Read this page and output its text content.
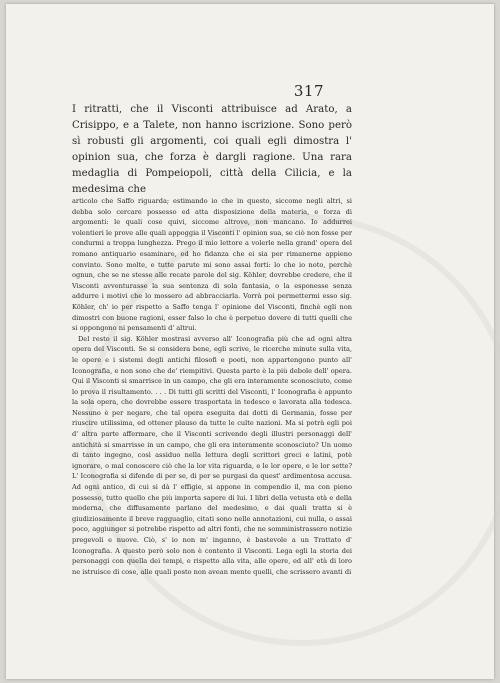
317

I ritratti, che il Visconti attribuisce ad Arato, a Crisippo, e a Talete, non hanno iscrizione. Sono però sì robusti gli argomenti, coi quali egli dimostra l' opinion sua, che forza è dargli ragione. Una rara medaglia di Pompeiopoli, città della Cilicia, e la medesima che

articolo che Saffo riguarda; estimando io che in questo, siccome negli altri, si debba solo cercare possesso ed atta disposizione della materia, e forza di argomenti: le quali cose quivi, siccome altrove, non mancano. Io addurrei volentieri le prove alle quali appoggia il Visconti l' opinion sua, se ciò non fosse per condurmi a troppa lunghezza. Prego il mio lettore a volerle nella grand' opera del romano antiquario esaminare, ed ho fidanza che ei sia per rimanerne appieno convinto. Sono molte, e tutte parute mi sono assai forti: lo che io noto, perchè ognun, che se ne stesse alle recate parole del sig. Köhler, dovrebbe credere, che il Visconti avventurasse la sua sentenza di sola fantasia, o la esponesse senza addurre i motivi che lo mossero ad abbracciarla. Vorrà poi permettermi esso sig. Köhler, ch' io per rispetto a Saffo tenga l' opinione del Visconti, finchè egli non dimostri con buone ragioni, esser falso lo che è perpetuo dovere di tutti quelli che si oppongono ni pensamenti d' altrui.

Del resto il sig. Köhler mostrasi avverso all' Iconografia più che ad ogni altra opera del Visconti. Se si considera bene, egli scrive, le ricerche minute sulla vita, le opere e i sistemi degli antichi filosofi e poeti, non appartengono punto all' Iconografia, e non sono che de' riempitivi. Questa parte è la più debole dell' opera. Qui il Visconti si smarrisce in un campo, che gli era interamente sconosciuto, come lo prova il risultamento. . . . Di tutti gli scritti del Visconti, l' Iconografia è appunto la sola opera, che dovrebbe essere trasportata in tedesco e lavorata alla tedesca. Nessuno è per negare, che tal opera eseguita dai dotti di Germania, fosse per riuscire utilissima, ed ottener plauso da tutte le culte nazioni. Ma si potrà egli poi d' altra parte affermare, che il Visconti scrivendo degli illustri personaggi dell' antichità si smarrisse in un campo, che gli era interamente sconosciuto? Un uomo di tanto ingegno, così assiduo nella lettura degli scrittori greci e latini, potè ignorare, o mal conoscere ciò che la lor vita riguarda, e le lor opere, e le lor sette? L' Iconografia si difende di per se, di per se purgasi da quest' ardimentosa accusa. Ad ogni antico, di cui si dà l' effigie, si appone in compendio il, ma con pieno possesso, tutto quello che più importa sapere di lui. I libri della vetusta età e della moderna, che diffusamente parlano del medesimo, e dai quali tratta si è giudiziosamente il breve ragguaglio, citati sono nelle annotazioni, cui nulla, o assai poco, aggiunger si potrebbe rispetto ad altri fonti, che ne somministrassero notizie pregevoli e nuove. Ciò, s' io non m' inganno, è bastevole a un Trattato d' Iconografia. A questo però solo non è contento il Visconti. Lega egli la storia dei personaggi con quella dei tempi, e rispetto alla vita, alle opere, ed all' età di loro ne istruisce di cose, alle quali posto non avean mente quelli, che scrissero avanti di
